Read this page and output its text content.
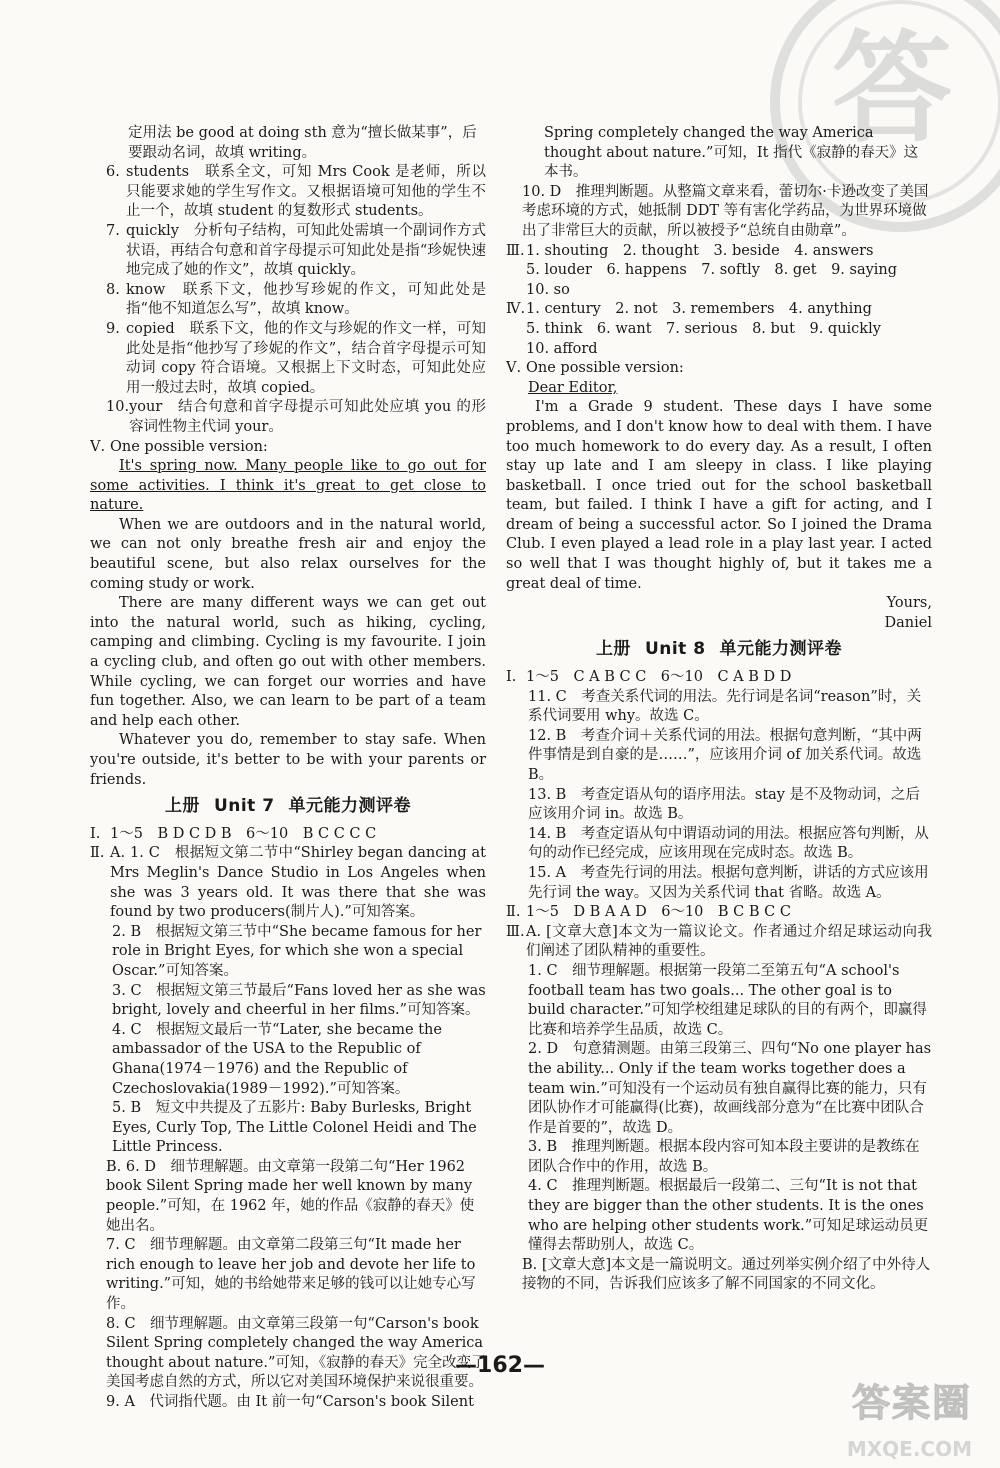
答

定用法 be good at doing sth 意为“擅长做某事”，后要跟动名词，故填 writing。

6. students　联系全文，可知 Mrs Cook 是老师，所以只能要求她的学生写作文。又根据语境可知他的学生不止一个，故填 student 的复数形式 students。
7. quickly　分析句子结构，可知此处需填一个副词作方式状语，再结合句意和首字母提示可知此处是指“珍妮快速地完成了她的作文”，故填 quickly。
8. know　联系下文，他抄写珍妮的作文，可知此处是指“他不知道怎么写”，故填 know。
9. copied　联系下文，他的作文与珍妮的作文一样，可知此处是指“他抄写了珍妮的作文”，结合首字母提示可知动词 copy 符合语境。又根据上下文时态，可知此处应用一般过去时，故填 copied。
10. your　结合句意和首字母提示可知此处应填 you 的形容词性物主代词 your。
Ⅴ. One possible version:

It's spring now. Many people like to go out for some activities. I think it's great to get close to nature.

When we are outdoors and in the natural world, we can not only breathe fresh air and enjoy the beautiful scene, but also relax ourselves for the coming study or work.

There are many different ways we can get out into the natural world, such as hiking, cycling, camping and climbing. Cycling is my favourite. I join a cycling club, and often go out with other members. While cycling, we can forget our worries and have fun together. Also, we can learn to be part of a team and help each other.

Whatever you do, remember to stay safe. When you're outside, it's better to be with your parents or friends.

上册 Unit 7 单元能力测评卷
Ⅰ. 1～5　B D C D B　6～10　B C C C C
Ⅱ. A. 1. C　根据短文第二节中“Shirley began dancing at Mrs Meglin's Dance Studio in Los Angeles when she was 3 years old. It was there that she was found by two producers(制片人).”可知答案。

2. B　根据短文第三节中“She became famous for her role in Bright Eyes, for which she won a special Oscar.”可知答案。

3. C　根据短文第三节最后“Fans loved her as she was bright, lovely and cheerful in her films.”可知答案。

4. C　根据短文最后一节“Later, she became the ambassador of the USA to the Republic of Ghana(1974－1976) and the Republic of Czechoslovakia(1989－1992).”可知答案。

5. B　短文中共提及了五影片: Baby Burlesks, Bright Eyes, Curly Top, The Little Colonel Heidi and The Little Princess.

B. 6. D　细节理解题。由文章第一段第二句“Her 1962 book Silent Spring made her well known by many people.”可知，在 1962 年，她的作品《寂静的春天》使她出名。

7. C　细节理解题。由文章第二段第三句“It made her rich enough to leave her job and devote her life to writing.”可知，她的书给她带来足够的钱可以让她专心写作。

8. C　细节理解题。由文章第三段第一句“Carson's book Silent Spring completely changed the way America thought about nature.”可知，《寂静的春天》完全改变了美国考虑自然的方式，所以它对美国环境保护来说很重要。

9. A　代词指代题。由 It 前一句“Carson's book Silent

Spring completely changed the way America thought about nature.”可知，It 指代《寂静的春天》这本书。

10. D　推理判断题。从整篇文章来看，蕾切尔·卡逊改变了美国考虑环境的方式，她抵制 DDT 等有害化学药品，为世界环境做出了非常巨大的贡献，所以被授予“总统自由勋章”。

Ⅲ. 1. shouting　2. thought　3. beside　4. answers
5. louder　6. happens　7. softly　8. get　9. saying
10. so
Ⅳ. 1. century　2. not　3. remembers　4. anything
5. think　6. want　7. serious　8. but　9. quickly
10. afford
Ⅴ. One possible version:

Dear Editor,

I'm a Grade 9 student. These days I have some problems, and I don't know how to deal with them. I have too much homework to do every day. As a result, I often stay up late and I am sleepy in class. I like playing basketball. I once tried out for the school basketball team, but failed. I think I have a gift for acting, and I dream of being a successful actor. So I joined the Drama Club. I even played a lead role in a play last year. I acted so well that I was thought highly of, but it takes me a great deal of time.

Yours,

Daniel

上册 Unit 8 单元能力测评卷
Ⅰ. 1～5　C A B C C　6～10　C A B D D

11. C　考查关系代词的用法。先行词是名词“reason”时，关系代词要用 why。故选 C。

12. B　考查介词＋关系代词的用法。根据句意判断，“其中两件事情是到自豪的是……”，应该用介词 of 加关系代词。故选 B。

13. B　考查定语从句的语序用法。stay 是不及物动词，之后应该用介词 in。故选 B。

14. B　考查定语从句中谓语动词的用法。根据应答句判断，从句的动作已经完成，应该用现在完成时态。故选 B。

15. A　考查先行词的用法。根据句意判断，讲话的方式应该用先行词 the way。又因为关系代词 that 省略。故选 A。

Ⅱ. 1～5　D B A A D　6～10　B C B C C
Ⅲ. A. [文章大意]本文为一篇议论文。作者通过介绍足球运动向我们阐述了团队精神的重要性。

1. C　细节理解题。根据第一段第二至第五句“A school's football team has two goals... The other goal is to build character.”可知学校组建足球队的目的有两个，即赢得比赛和培养学生品质，故选 C。

2. D　句意猜测题。由第三段第三、四句“No one player has the ability... Only if the team works together does a team win.”可知没有一个运动员有独自赢得比赛的能力，只有团队协作才可能赢得(比赛)，故画线部分意为“在比赛中团队合作是首要的”，故选 D。

3. B　推理判断题。根据本段内容可知本段主要讲的是教练在团队合作中的作用，故选 B。

4. C　推理判断题。根据最后一段第二、三句“It is not that they are bigger than the other students. It is the ones who are helping other students work.”可知足球运动员更懂得去帮助别人，故选 C。

B. [文章大意]本文是一篇说明文。通过列举实例介绍了中外待人接物的不同，告诉我们应该多了解不同国家的不同文化。

—162—
答案圈
MXQE.COM
